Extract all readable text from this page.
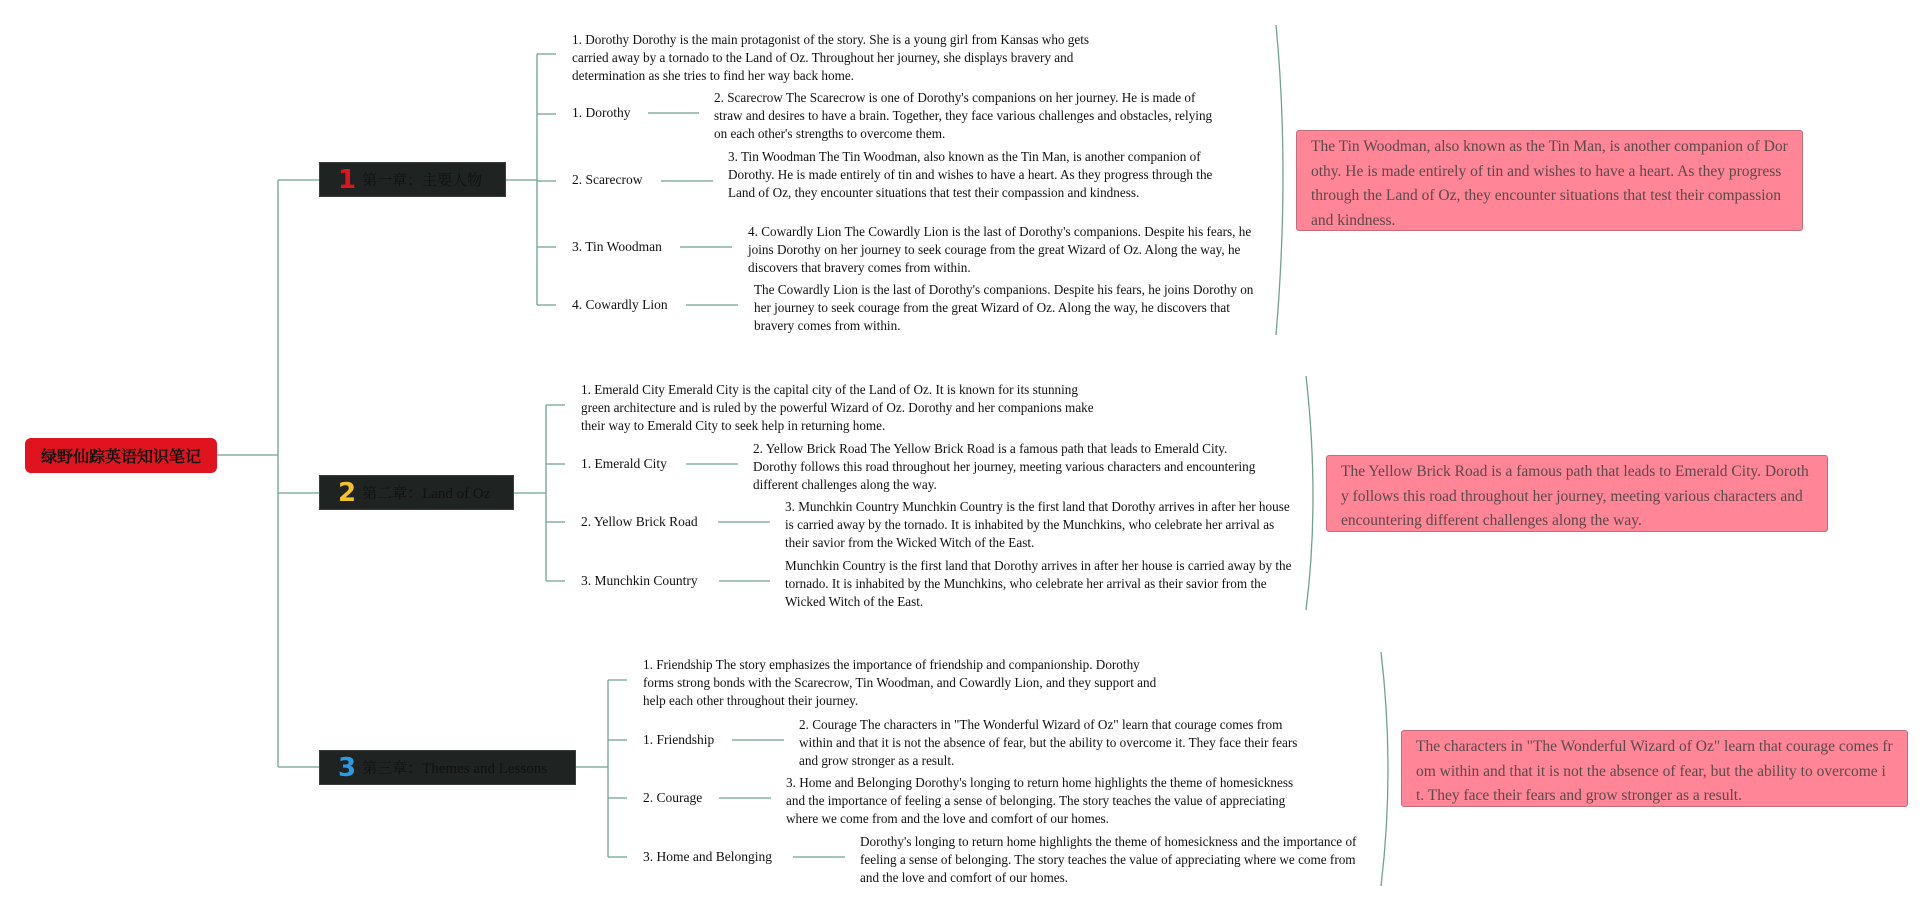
绿野仙踪英语知识笔记
1 第一章：主要人物
1. Dorothy Dorothy is the main protagonist of the story. She is a young girl from Kansas who gets carried away by a tornado to the Land of Oz. Throughout her journey, she displays bravery and determination as she tries to find her way back home.
1. Dorothy
2. Scarecrow The Scarecrow is one of Dorothy's companions on her journey. He is made of straw and desires to have a brain. Together, they face various challenges and obstacles, relying on each other's strengths to overcome them.
2. Scarecrow
3. Tin Woodman The Tin Woodman, also known as the Tin Man, is another companion of Dorothy. He is made entirely of tin and wishes to have a heart. As they progress through the Land of Oz, they encounter situations that test their compassion and kindness.
3. Tin Woodman
4. Cowardly Lion The Cowardly Lion is the last of Dorothy's companions. Despite his fears, he joins Dorothy on her journey to seek courage from the great Wizard of Oz. Along the way, he discovers that bravery comes from within.
4. Cowardly Lion
The Cowardly Lion is the last of Dorothy's companions. Despite his fears, he joins Dorothy on her journey to seek courage from the great Wizard of Oz. Along the way, he discovers that bravery comes from within.
The Tin Woodman, also known as the Tin Man, is another companion of Dorothy. He is made entirely of tin and wishes to have a heart. As they progress through the Land of Oz, they encounter situations that test their compassion and kindness.
2 第二章：Land of Oz
1. Emerald City Emerald City is the capital city of the Land of Oz. It is known for its stunning green architecture and is ruled by the powerful Wizard of Oz. Dorothy and her companions make their way to Emerald City to seek help in returning home.
1. Emerald City
2. Yellow Brick Road The Yellow Brick Road is a famous path that leads to Emerald City. Dorothy follows this road throughout her journey, meeting various characters and encountering different challenges along the way.
2. Yellow Brick Road
3. Munchkin Country Munchkin Country is the first land that Dorothy arrives in after her house is carried away by the tornado. It is inhabited by the Munchkins, who celebrate her arrival as their savior from the Wicked Witch of the East.
3. Munchkin Country
Munchkin Country is the first land that Dorothy arrives in after her house is carried away by the tornado. It is inhabited by the Munchkins, who celebrate her arrival as their savior from the Wicked Witch of the East.
The Yellow Brick Road is a famous path that leads to Emerald City. Dorothy follows this road throughout her journey, meeting various characters and encountering different challenges along the way.
3 第三章：Themes and Lessons
1. Friendship The story emphasizes the importance of friendship and companionship. Dorothy forms strong bonds with the Scarecrow, Tin Woodman, and Cowardly Lion, and they support and help each other throughout their journey.
1. Friendship
2. Courage The characters in "The Wonderful Wizard of Oz" learn that courage comes from within and that it is not the absence of fear, but the ability to overcome it. They face their fears and grow stronger as a result.
2. Courage
3. Home and Belonging Dorothy's longing to return home highlights the theme of homesickness and the importance of feeling a sense of belonging. The story teaches the value of appreciating where we come from and the love and comfort of our homes.
3. Home and Belonging
Dorothy's longing to return home highlights the theme of homesickness and the importance of feeling a sense of belonging. The story teaches the value of appreciating where we come from and the love and comfort of our homes.
The characters in "The Wonderful Wizard of Oz" learn that courage comes from within and that it is not the absence of fear, but the ability to overcome it. They face their fears and grow stronger as a result.
